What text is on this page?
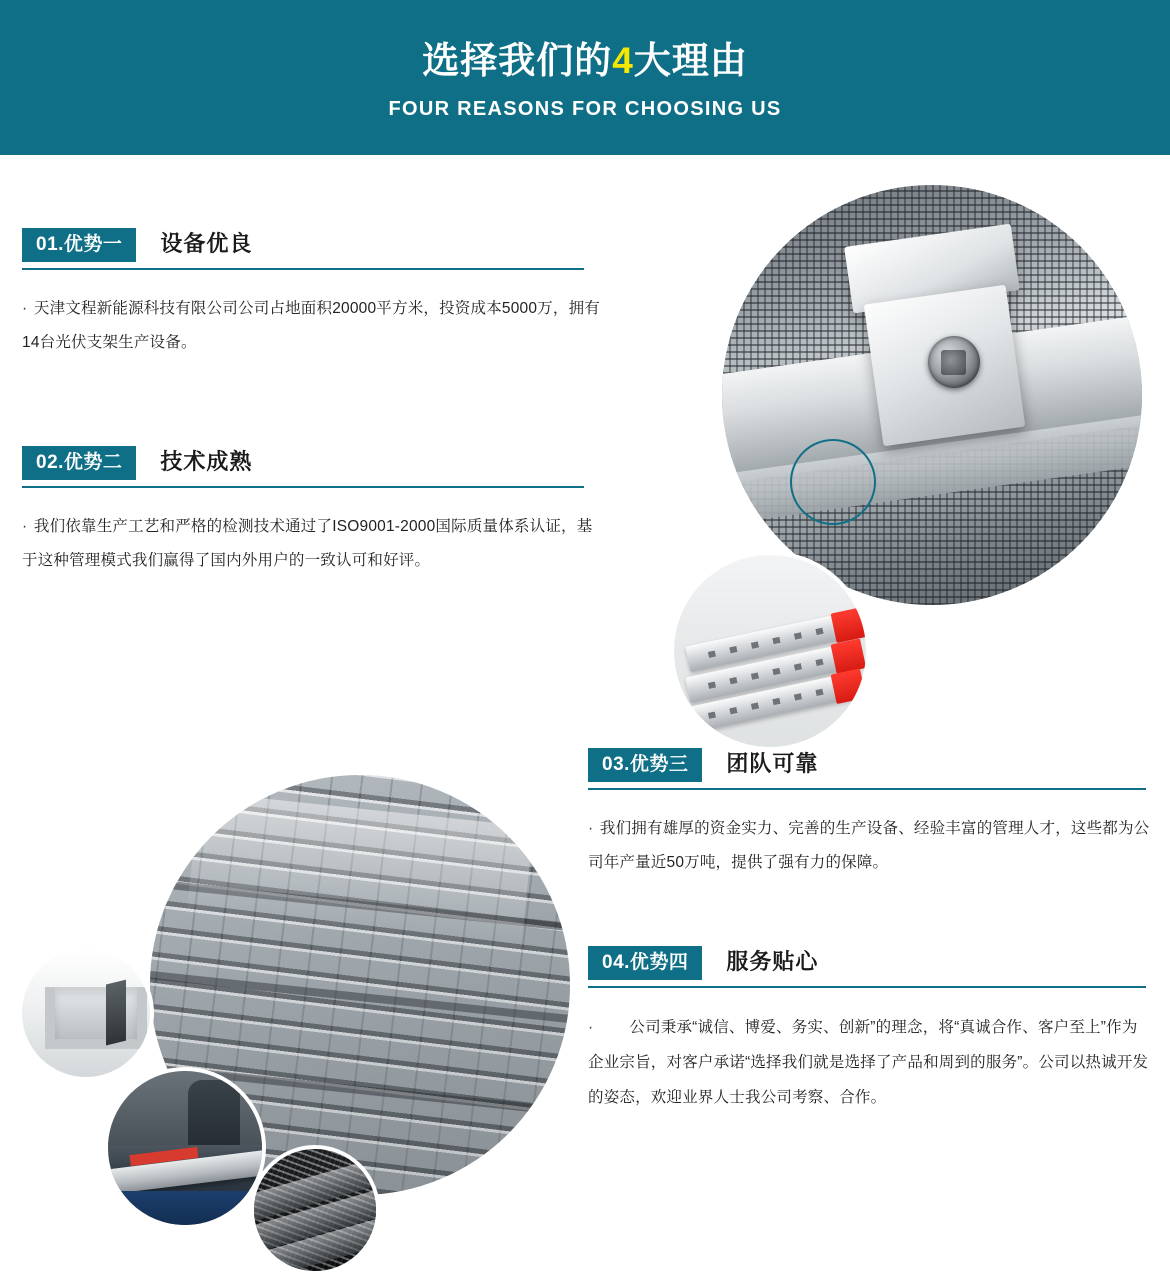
选择我们的4大理由
FOUR REASONS FOR CHOOSING US
01.优势一	设备优良
· 天津文程新能源科技有限公司公司占地面积20000平方米，投资成本5000万，拥有14台光伏支架生产设备。
02.优势二	技术成熟
· 我们依靠生产工艺和严格的检测技术通过了ISO9001-2000国际质量体系认证，基于这种管理模式我们赢得了国内外用户的一致认可和好评。
03.优势三	团队可靠
· 我们拥有雄厚的资金实力、完善的生产设备、经验丰富的管理人才，这些都为公司年产量近50万吨，提供了强有力的保障。
04.优势四	服务贴心
· 公司秉承“诚信、博爱、务实、创新”的理念，将“真诚合作、客户至上”作为企业宗旨，对客户承诺“选择我们就是选择了产品和周到的服务”。公司以热诚开发的姿态，欢迎业界人士我公司考察、合作。
